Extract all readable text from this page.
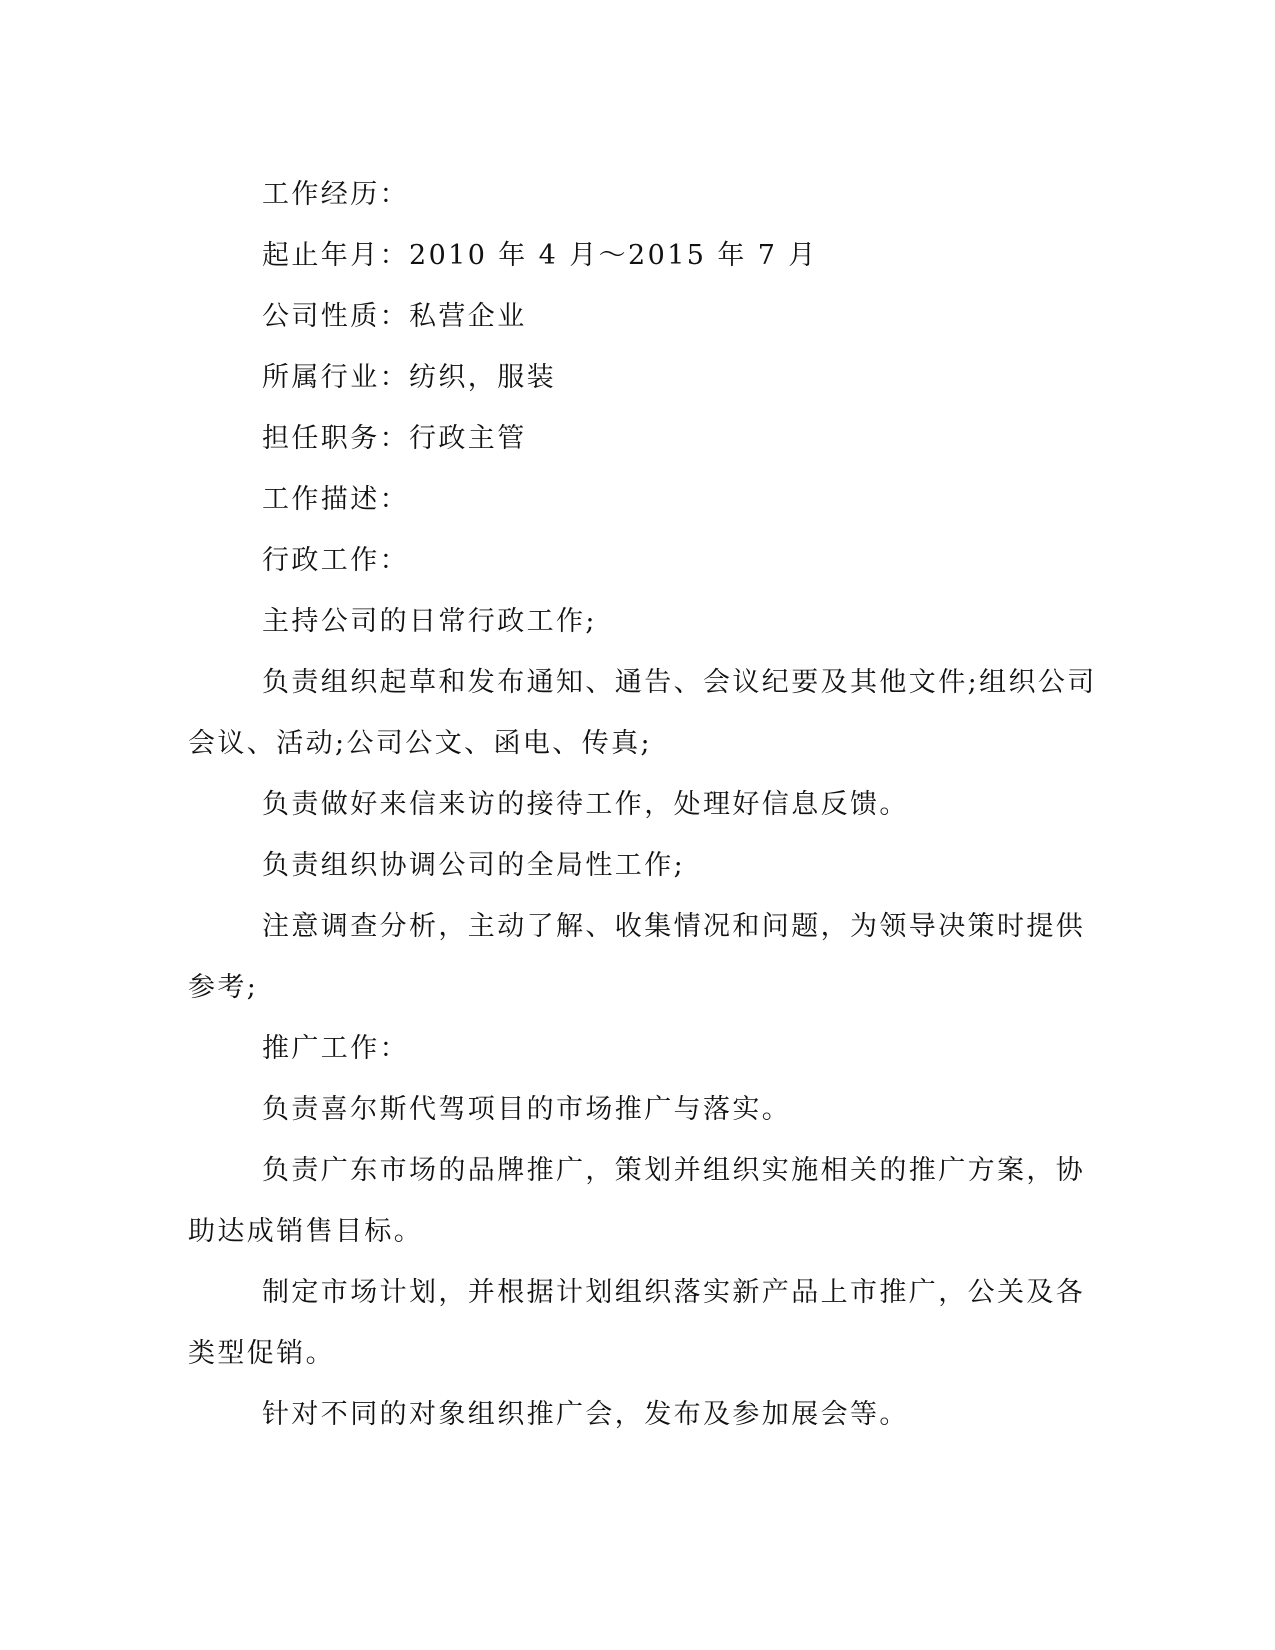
工作经历：
起止年月：2010 年 4 月～2015 年 7 月
公司性质：私营企业
所属行业：纺织，服装
担任职务：行政主管
工作描述：
行政工作：
主持公司的日常行政工作;
负责组织起草和发布通知、通告、会议纪要及其他文件;组织公司
会议、活动;公司公文、函电、传真;
负责做好来信来访的接待工作，处理好信息反馈。
负责组织协调公司的全局性工作;
注意调查分析，主动了解、收集情况和问题，为领导决策时提供
参考;
推广工作：
负责喜尔斯代驾项目的市场推广与落实。
负责广东市场的品牌推广，策划并组织实施相关的推广方案，协
助达成销售目标。
制定市场计划，并根据计划组织落实新产品上市推广，公关及各
类型促销。
针对不同的对象组织推广会，发布及参加展会等。
